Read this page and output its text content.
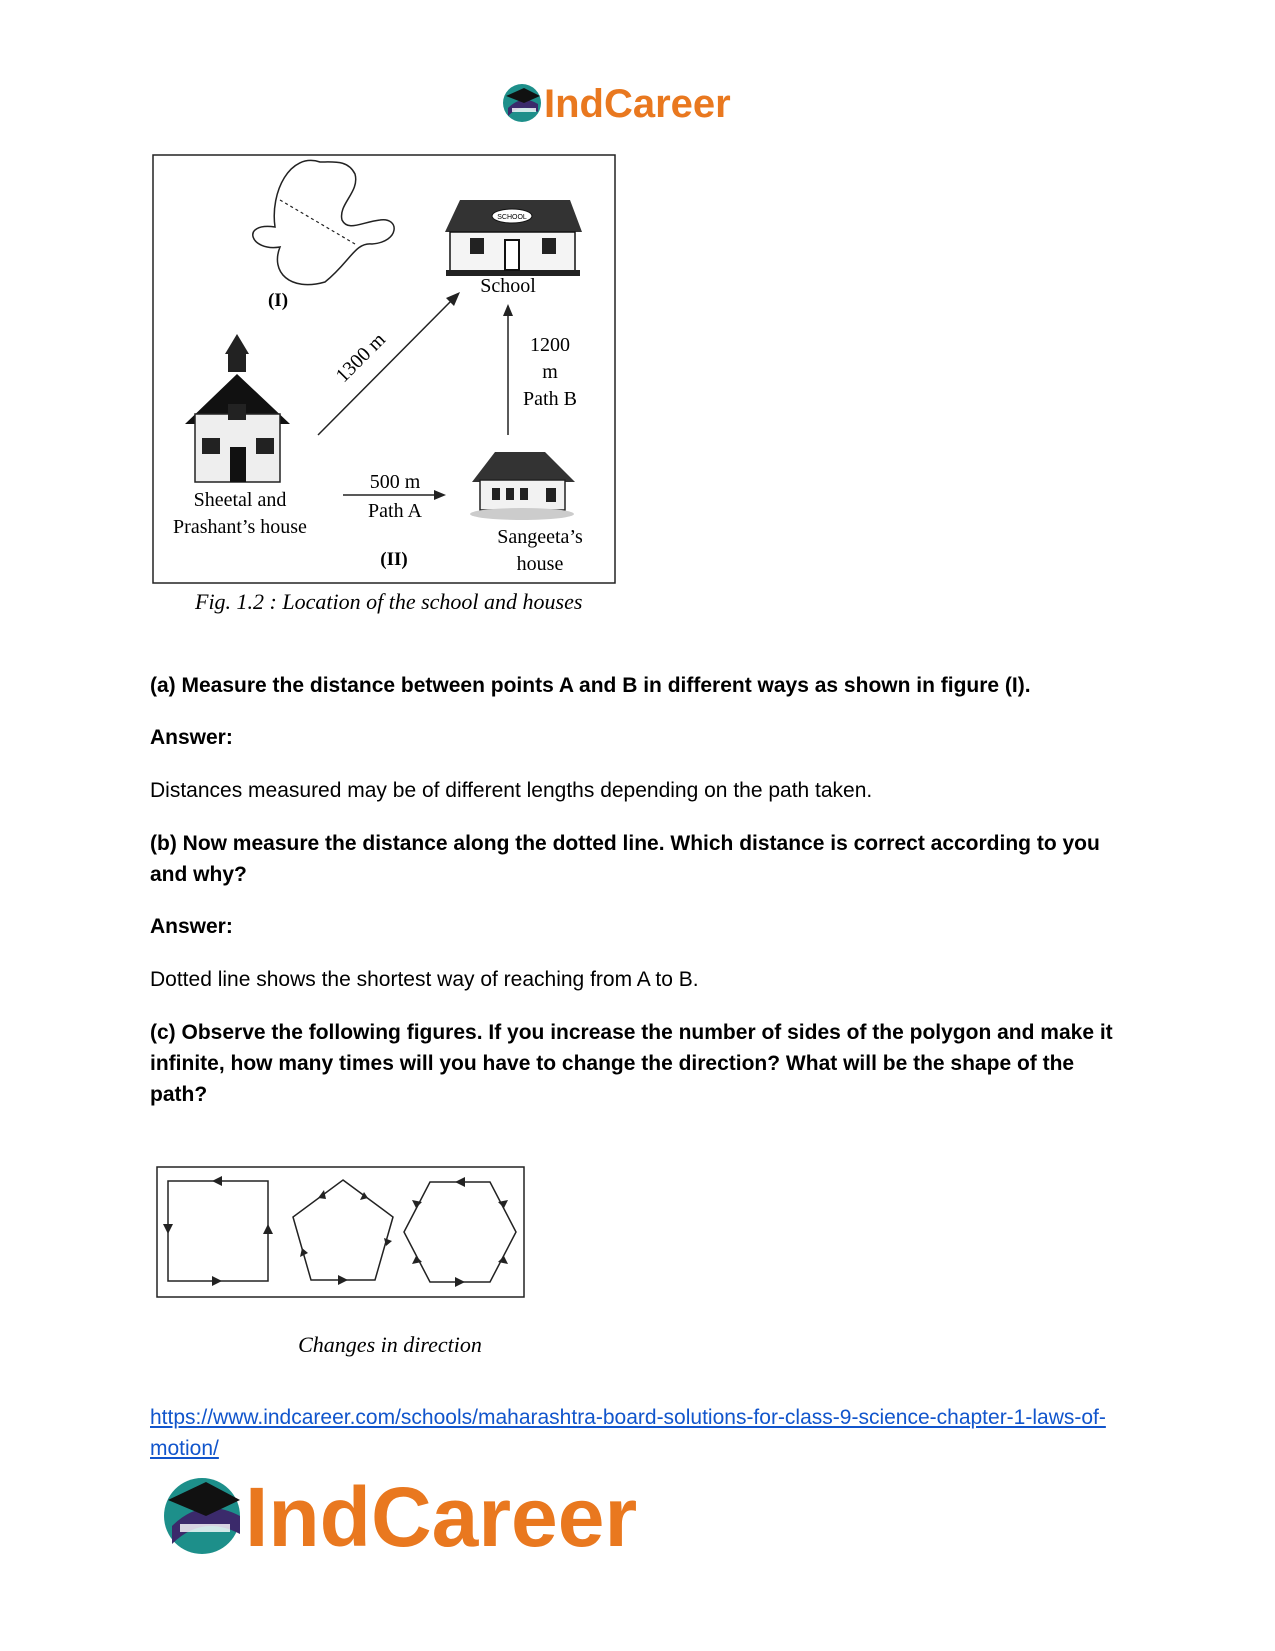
IndCareer
(I)
SCHOOL
School
1300 m	1200
m
Path B
Sheetal and
Prashant’s house
500 m
Path A
(II)
Sangeeta’s
house
Fig. 1.2 : Location of the school and houses

(a) Measure the distance between points A and B in different ways as shown in figure (I).

Answer:

Distances measured may be of different lengths depending on the path taken.

(b) Now measure the distance along the dotted line. Which distance is correct according to you and why?

Answer:

Dotted line shows the shortest way of reaching from A to B.

(c) Observe the following figures. If you increase the number of sides of the polygon and make it infinite, how many times will you have to change the direction? What will be the shape of the path?

Changes in direction

https://www.indcareer.com/schools/maharashtra-board-solutions-for-class-9-science-chapter-1-laws-of-motion/

IndCareer
